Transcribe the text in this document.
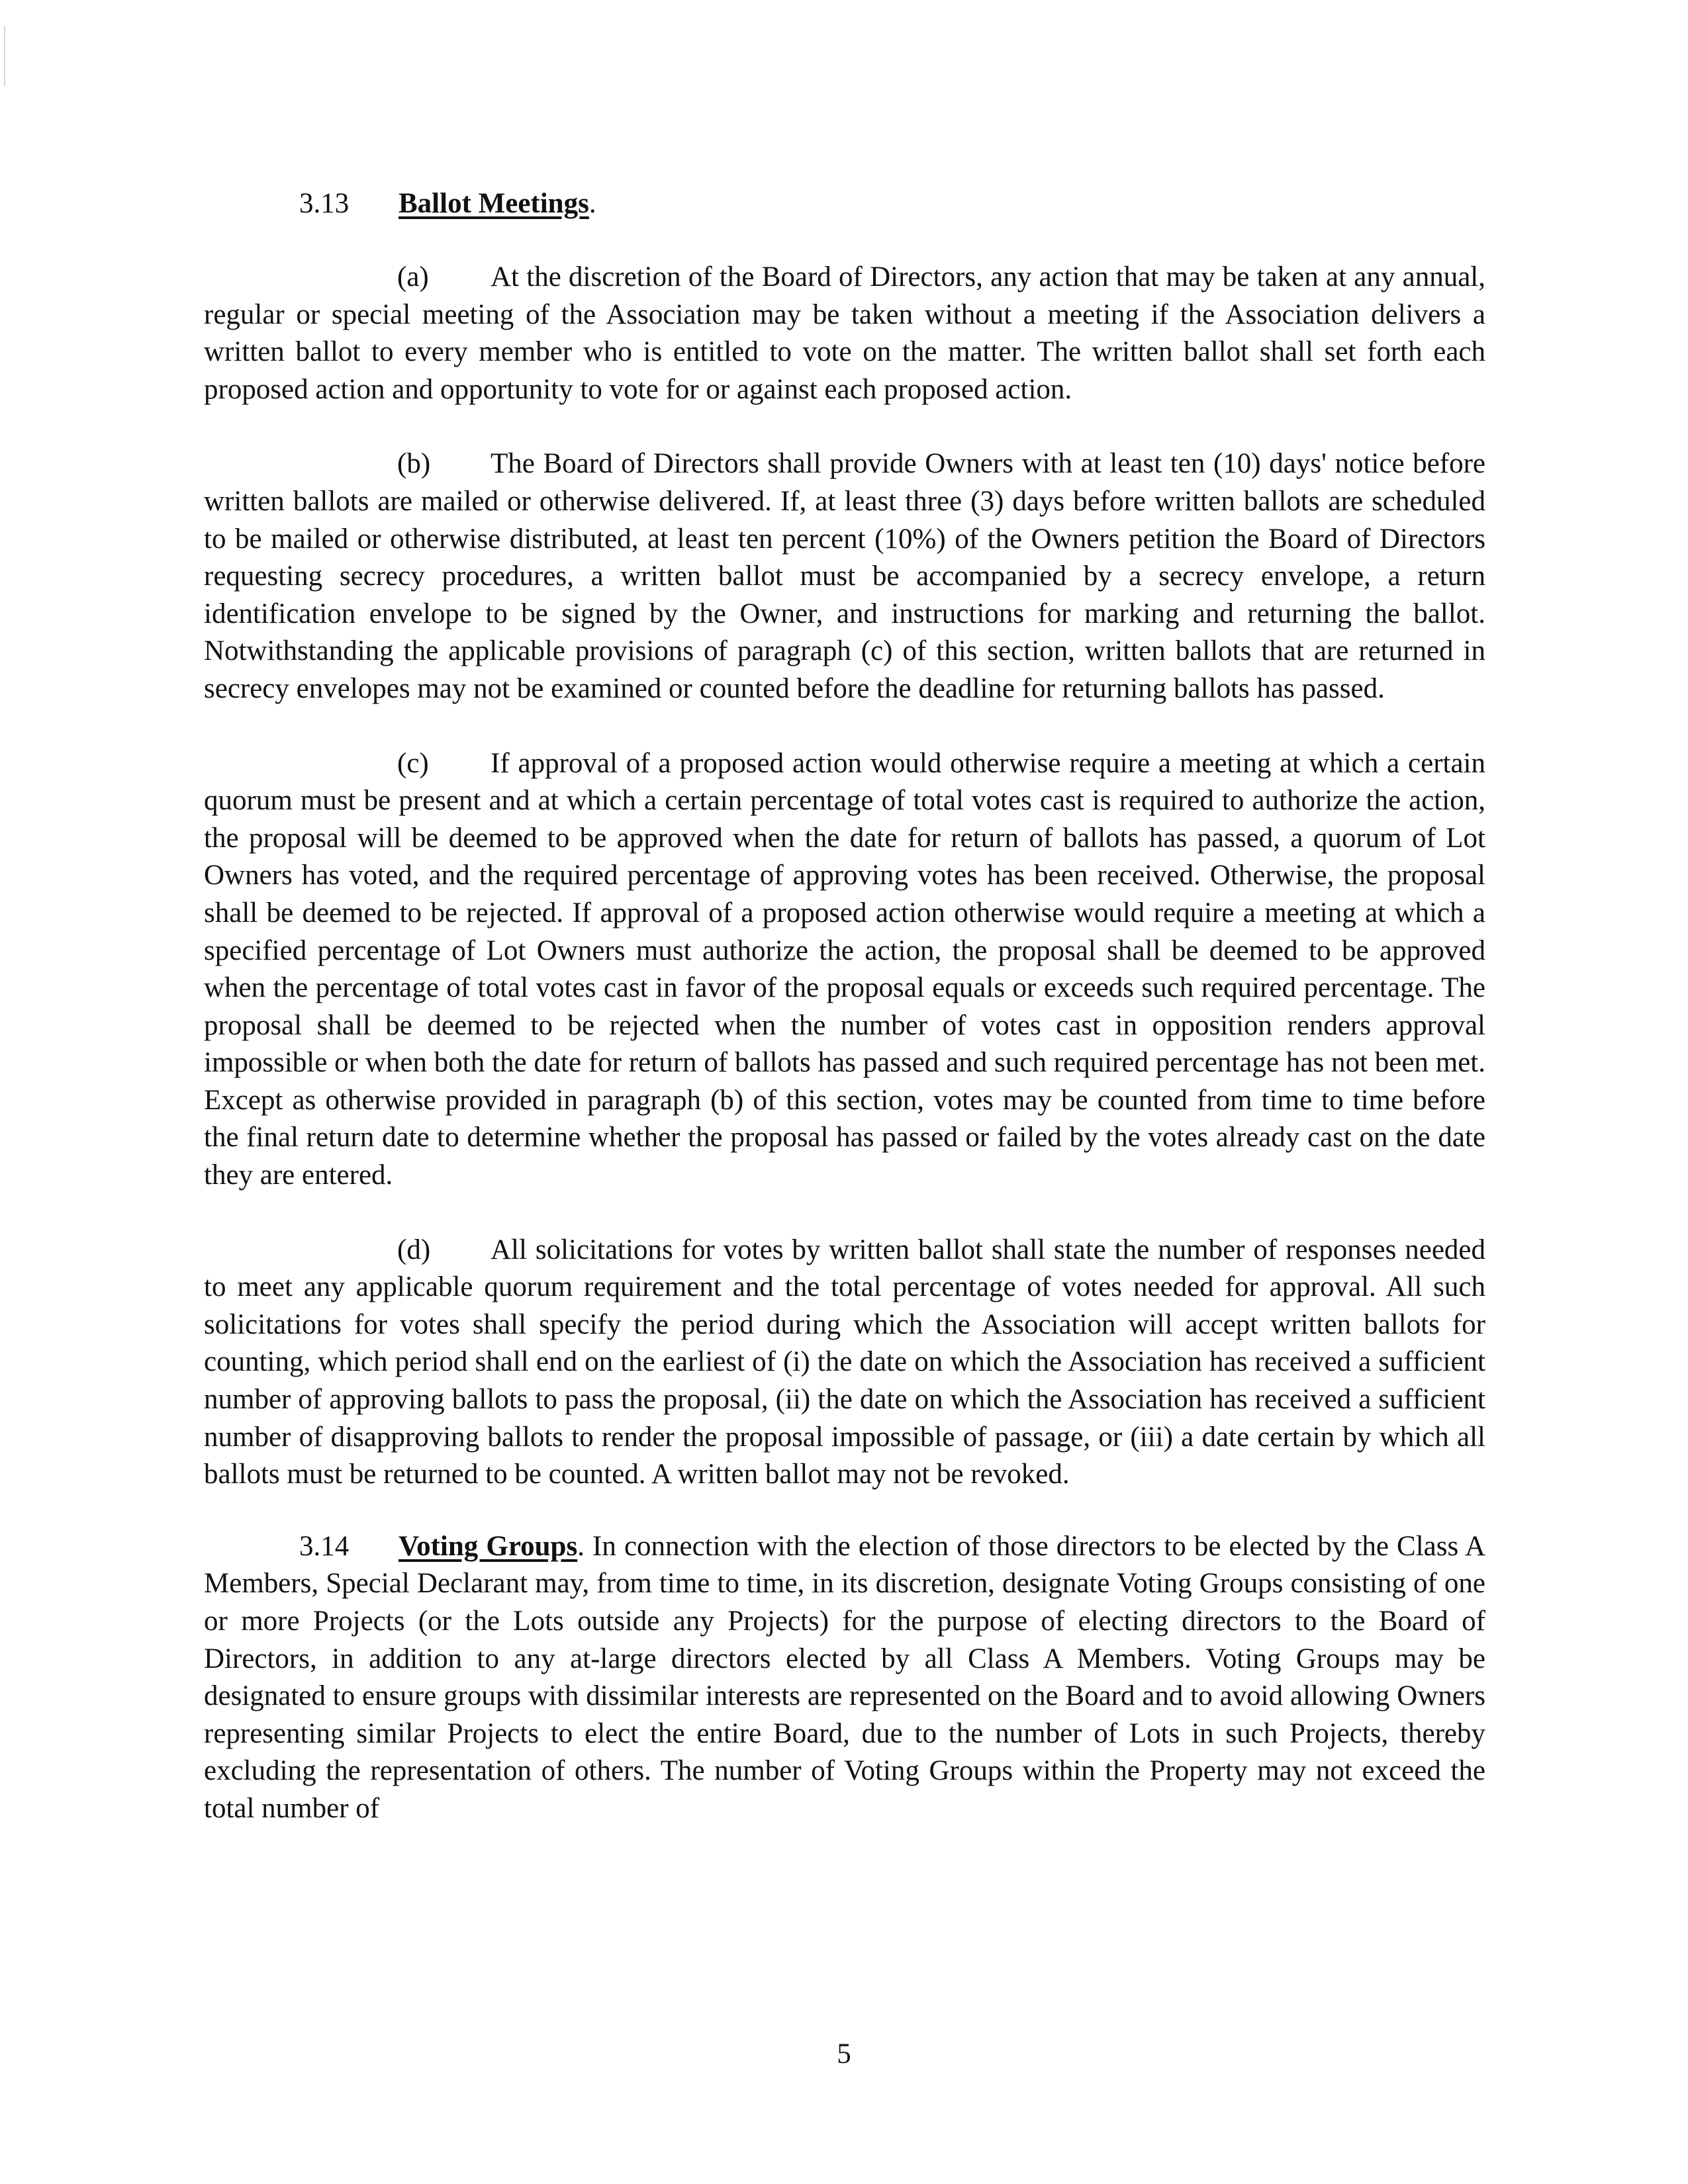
3.13 Ballot Meetings.

(a) At the discretion of the Board of Directors, any action that may be taken at any annual, regular or special meeting of the Association may be taken without a meeting if the Association delivers a written ballot to every member who is entitled to vote on the matter. The written ballot shall set forth each proposed action and opportunity to vote for or against each proposed action.

(b) The Board of Directors shall provide Owners with at least ten (10) days' notice before written ballots are mailed or otherwise delivered. If, at least three (3) days before written ballots are scheduled to be mailed or otherwise distributed, at least ten percent (10%) of the Owners petition the Board of Directors requesting secrecy procedures, a written ballot must be accompanied by a secrecy envelope, a return identification envelope to be signed by the Owner, and instructions for marking and returning the ballot. Notwithstanding the applicable provisions of paragraph (c) of this section, written ballots that are returned in secrecy envelopes may not be examined or counted before the deadline for returning ballots has passed.

(c) If approval of a proposed action would otherwise require a meeting at which a certain quorum must be present and at which a certain percentage of total votes cast is required to authorize the action, the proposal will be deemed to be approved when the date for return of ballots has passed, a quorum of Lot Owners has voted, and the required percentage of approving votes has been received. Otherwise, the proposal shall be deemed to be rejected. If approval of a proposed action otherwise would require a meeting at which a specified percentage of Lot Owners must authorize the action, the proposal shall be deemed to be approved when the percentage of total votes cast in favor of the proposal equals or exceeds such required percentage. The proposal shall be deemed to be rejected when the number of votes cast in opposition renders approval impossible or when both the date for return of ballots has passed and such required percentage has not been met. Except as otherwise provided in paragraph (b) of this section, votes may be counted from time to time before the final return date to determine whether the proposal has passed or failed by the votes already cast on the date they are entered.

(d) All solicitations for votes by written ballot shall state the number of responses needed to meet any applicable quorum requirement and the total percentage of votes needed for approval. All such solicitations for votes shall specify the period during which the Association will accept written ballots for counting, which period shall end on the earliest of (i) the date on which the Association has received a sufficient number of approving ballots to pass the proposal, (ii) the date on which the Association has received a sufficient number of disapproving ballots to render the proposal impossible of passage, or (iii) a date certain by which all ballots must be returned to be counted. A written ballot may not be revoked.

3.14 Voting Groups. In connection with the election of those directors to be elected by the Class A Members, Special Declarant may, from time to time, in its discretion, designate Voting Groups consisting of one or more Projects (or the Lots outside any Projects) for the purpose of electing directors to the Board of Directors, in addition to any at-large directors elected by all Class A Members. Voting Groups may be designated to ensure groups with dissimilar interests are represented on the Board and to avoid allowing Owners representing similar Projects to elect the entire Board, due to the number of Lots in such Projects, thereby excluding the representation of others. The number of Voting Groups within the Property may not exceed the total number of

5
